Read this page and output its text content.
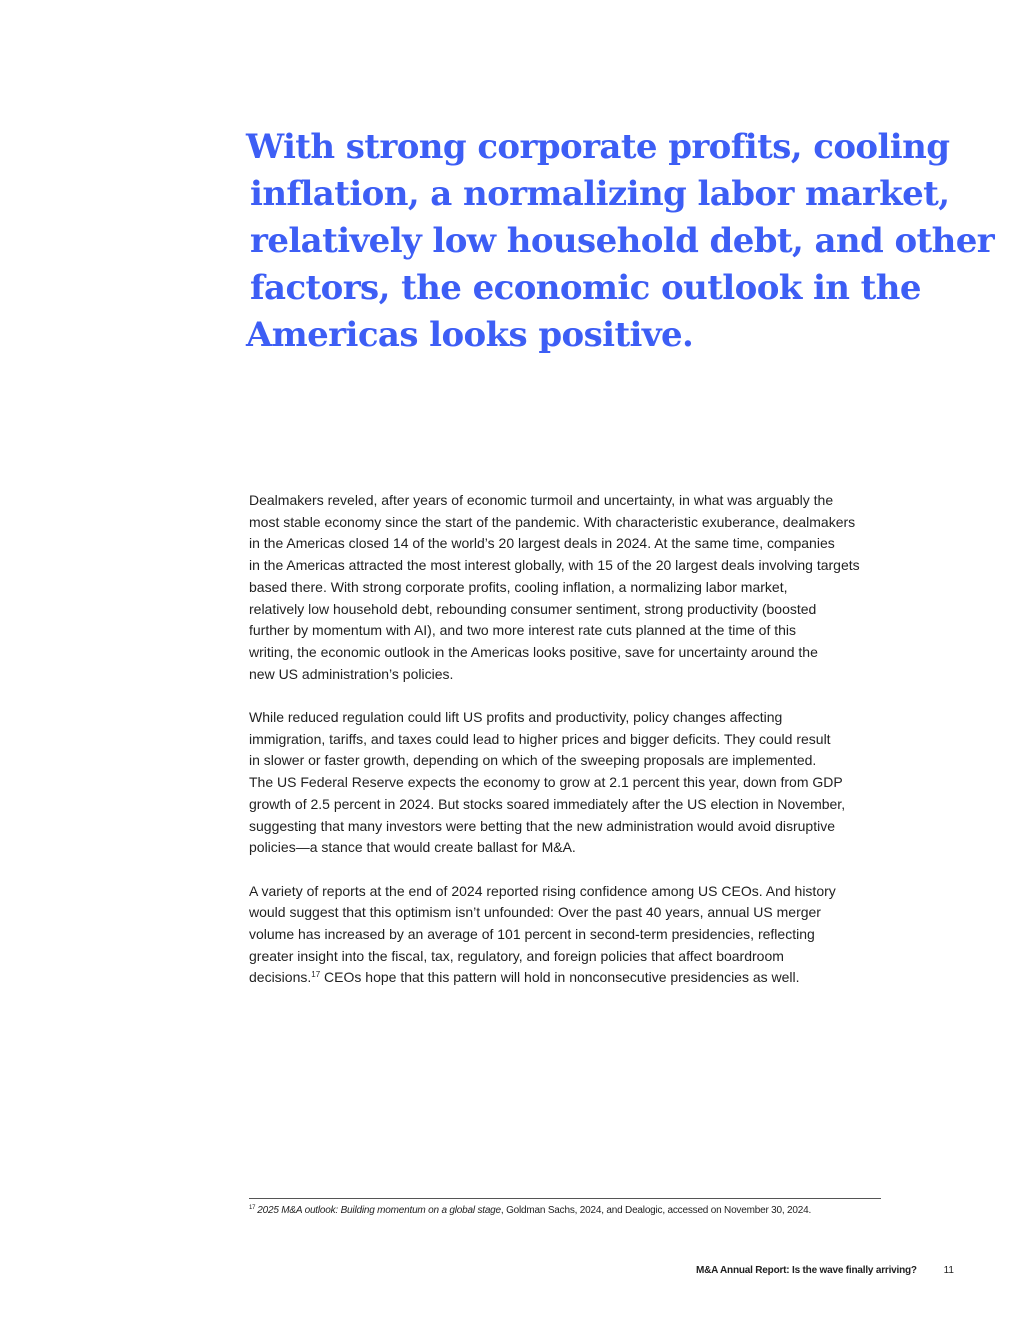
With strong corporate profits, cooling
inflation, a normalizing labor market,
relatively low household debt, and other
factors, the economic outlook in the
Americas looks positive.

Dealmakers reveled, after years of economic turmoil and uncertainty, in what was arguably the
most stable economy since the start of the pandemic. With characteristic exuberance, dealmakers
in the Americas closed 14 of the world’s 20 largest deals in 2024. At the same time, companies
in the Americas attracted the most interest globally, with 15 of the 20 largest deals involving targets
based there. With strong corporate profits, cooling inflation, a normalizing labor market,
relatively low household debt, rebounding consumer sentiment, strong productivity (boosted
further by momentum with AI), and two more interest rate cuts planned at the time of this
writing, the economic outlook in the Americas looks positive, save for uncertainty around the
new US administration’s policies.

While reduced regulation could lift US profits and productivity, policy changes affecting
immigration, tariffs, and taxes could lead to higher prices and bigger deficits. They could result
in slower or faster growth, depending on which of the sweeping proposals are implemented.
The US Federal Reserve expects the economy to grow at 2.1 percent this year, down from GDP
growth of 2.5 percent in 2024. But stocks soared immediately after the US election in November,
suggesting that many investors were betting that the new administration would avoid disruptive
policies—a stance that would create ballast for M&A.

A variety of reports at the end of 2024 reported rising confidence among US CEOs. And history
would suggest that this optimism isn’t unfounded: Over the past 40 years, annual US merger
volume has increased by an average of 101 percent in second-term presidencies, reflecting
greater insight into the fiscal, tax, regulatory, and foreign policies that affect boardroom
decisions.$^{17}$ CEOs hope that this pattern will hold in nonconsecutive presidencies as well.

$^{17}$ 2025 M&A outlook: Building momentum on a global stage, Goldman Sachs, 2024, and Dealogic, accessed on November 30, 2024.
M&A Annual Report: Is the wave finally arriving?	11
